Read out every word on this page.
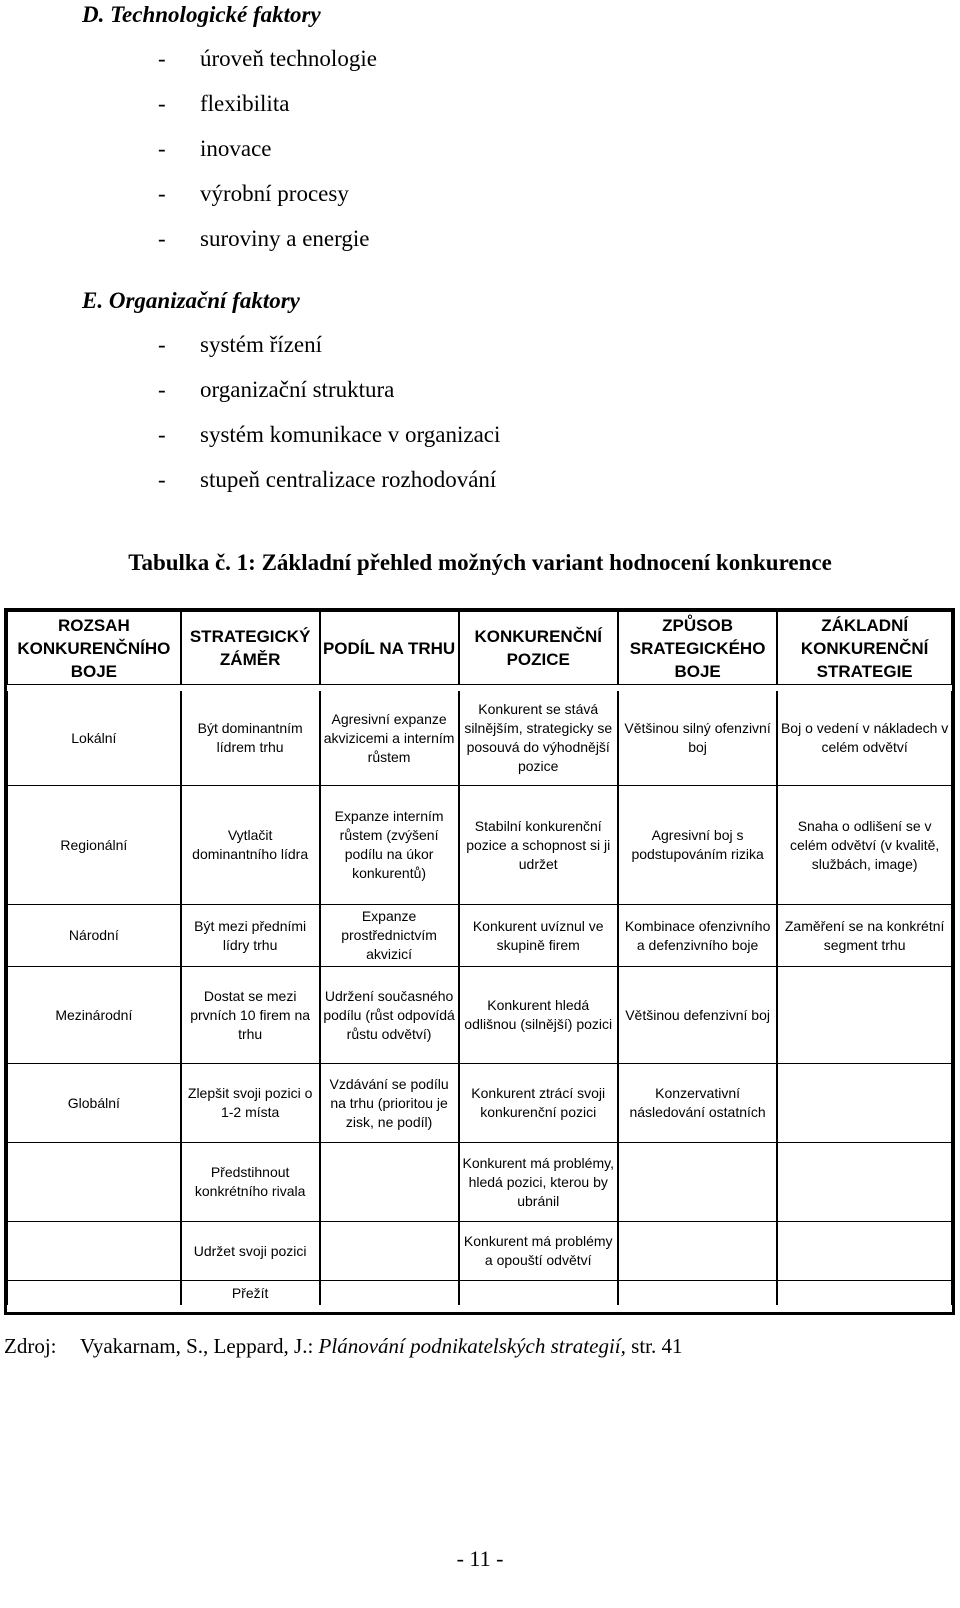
D. Technologické faktory
- úroveň technologie
- flexibilita
- inovace
- výrobní procesy
- suroviny a energie
E. Organizační faktory
- systém řízení
- organizační struktura
- systém komunikace v organizaci
- stupeň centralizace rozhodování
Tabulka č. 1: Základní přehled možných variant hodnocení konkurence
ROZSAH KONKURENČNÍHO BOJE	STRATEGICKÝ ZÁMĚR	PODÍL NA TRHU	KONKURENČNÍ POZICE	ZPŮSOB SRATEGICKÉHO BOJE	ZÁKLADNÍ KONKURENČNÍ STRATEGIE

Lokální	Být dominantním lídrem trhu	Agresivní expanze akvizicemi a interním růstem	Konkurent se stává silnějším, strategicky se posouvá do výhodnější pozice	Většinou silný ofenzivní boj	Boj o vedení v nákladech v celém odvětví
Regionální	Vytlačit dominantního lídra	Expanze interním růstem (zvýšení podílu na úkor konkurentů)	Stabilní konkurenční pozice a schopnost si ji udržet	Agresivní boj s podstupováním rizika	Snaha o odlišení se v celém odvětví (v kvalitě, službách, image)
Národní	Být mezi předními lídry trhu	Expanze prostřednictvím akvizicí	Konkurent uvíznul ve skupině firem	Kombinace ofenzivního a defenzivního boje	Zaměření se na konkrétní segment trhu
Mezinárodní	Dostat se mezi prvních 10 firem na trhu	Udržení současného podílu (růst odpovídá růstu odvětví)	Konkurent hledá odlišnou (silnější) pozici	Většinou defenzivní boj	
Globální	Zlepšit svoji pozici o 1-2 místa	Vzdávání se podílu na trhu (prioritou je zisk, ne podíl)	Konkurent ztrácí svoji konkurenční pozici	Konzervativní následování ostatních	
	Předstihnout konkrétního rivala		Konkurent má problémy, hledá pozici, kterou by ubránil		
	Udržet svoji pozici		Konkurent má problémy a opouští odvětví		
	Přežít				
Zdroj: Vyakarnam, S., Leppard, J.: Plánování podnikatelských strategií, str. 41
- 11 -
